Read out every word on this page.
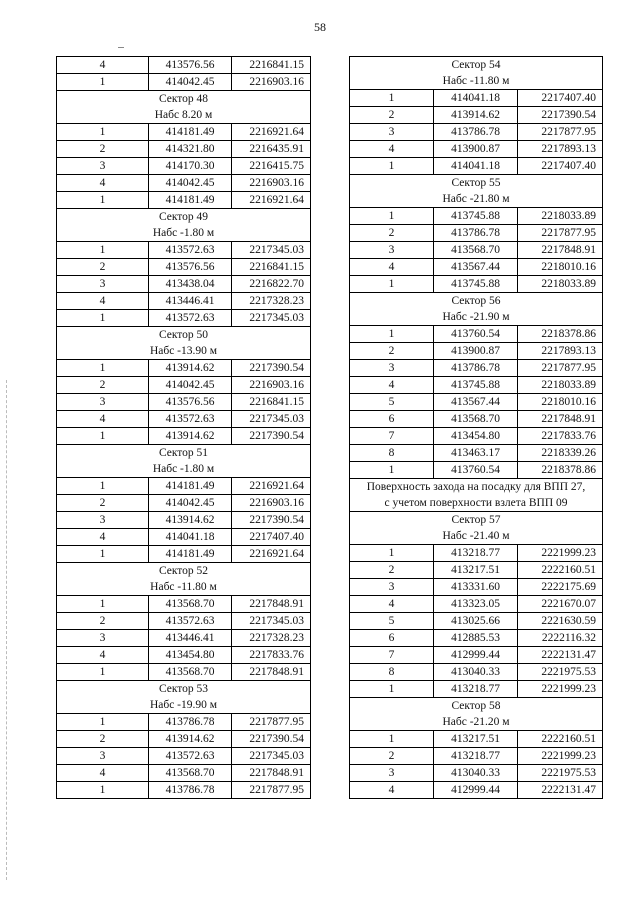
58
4	413576.56	2216841.15
1	414042.45	2216903.16
Сектор 48		
Набс 8.20 м		
1	414181.49	2216921.64
2	414321.80	2216435.91
3	414170.30	2216415.75
4	414042.45	2216903.16
1	414181.49	2216921.64
Сектор 49		
Набс -1.80 м		
1	413572.63	2217345.03
2	413576.56	2216841.15
3	413438.04	2216822.70
4	413446.41	2217328.23
1	413572.63	2217345.03
Сектор 50		
Набс -13.90 м		
1	413914.62	2217390.54
2	414042.45	2216903.16
3	413576.56	2216841.15
4	413572.63	2217345.03
1	413914.62	2217390.54
Сектор 51		
Набс -1.80 м		
1	414181.49	2216921.64
2	414042.45	2216903.16
3	413914.62	2217390.54
4	414041.18	2217407.40
1	414181.49	2216921.64
Сектор 52		
Набс -11.80 м		
1	413568.70	2217848.91
2	413572.63	2217345.03
3	413446.41	2217328.23
4	413454.80	2217833.76
1	413568.70	2217848.91
Сектор 53		
Набс -19.90 м		
1	413786.78	2217877.95
2	413914.62	2217390.54
3	413572.63	2217345.03
4	413568.70	2217848.91
1	413786.78	2217877.95
Сектор 54		
Набс -11.80 м		
1	414041.18	2217407.40
2	413914.62	2217390.54
3	413786.78	2217877.95
4	413900.87	2217893.13
1	414041.18	2217407.40
Сектор 55		
Набс -21.80 м		
1	413745.88	2218033.89
2	413786.78	2217877.95
3	413568.70	2217848.91
4	413567.44	2218010.16
1	413745.88	2218033.89
Сектор 56		
Набс -21.90 м		
1	413760.54	2218378.86
2	413900.87	2217893.13
3	413786.78	2217877.95
4	413745.88	2218033.89
5	413567.44	2218010.16
6	413568.70	2217848.91
7	413454.80	2217833.76
8	413463.17	2218339.26
1	413760.54	2218378.86
Поверхность захода на посадку для ВПП 27,		
с учетом поверхности взлета ВПП 09		
Сектор 57		
Набс -21.40 м		
1	413218.77	2221999.23
2	413217.51	2222160.51
3	413331.60	2222175.69
4	413323.05	2221670.07
5	413025.66	2221630.59
6	412885.53	2222116.32
7	412999.44	2222131.47
8	413040.33	2221975.53
1	413218.77	2221999.23
Сектор 58		
Набс -21.20 м		
1	413217.51	2222160.51
2	413218.77	2221999.23
3	413040.33	2221975.53
4	412999.44	2222131.47
